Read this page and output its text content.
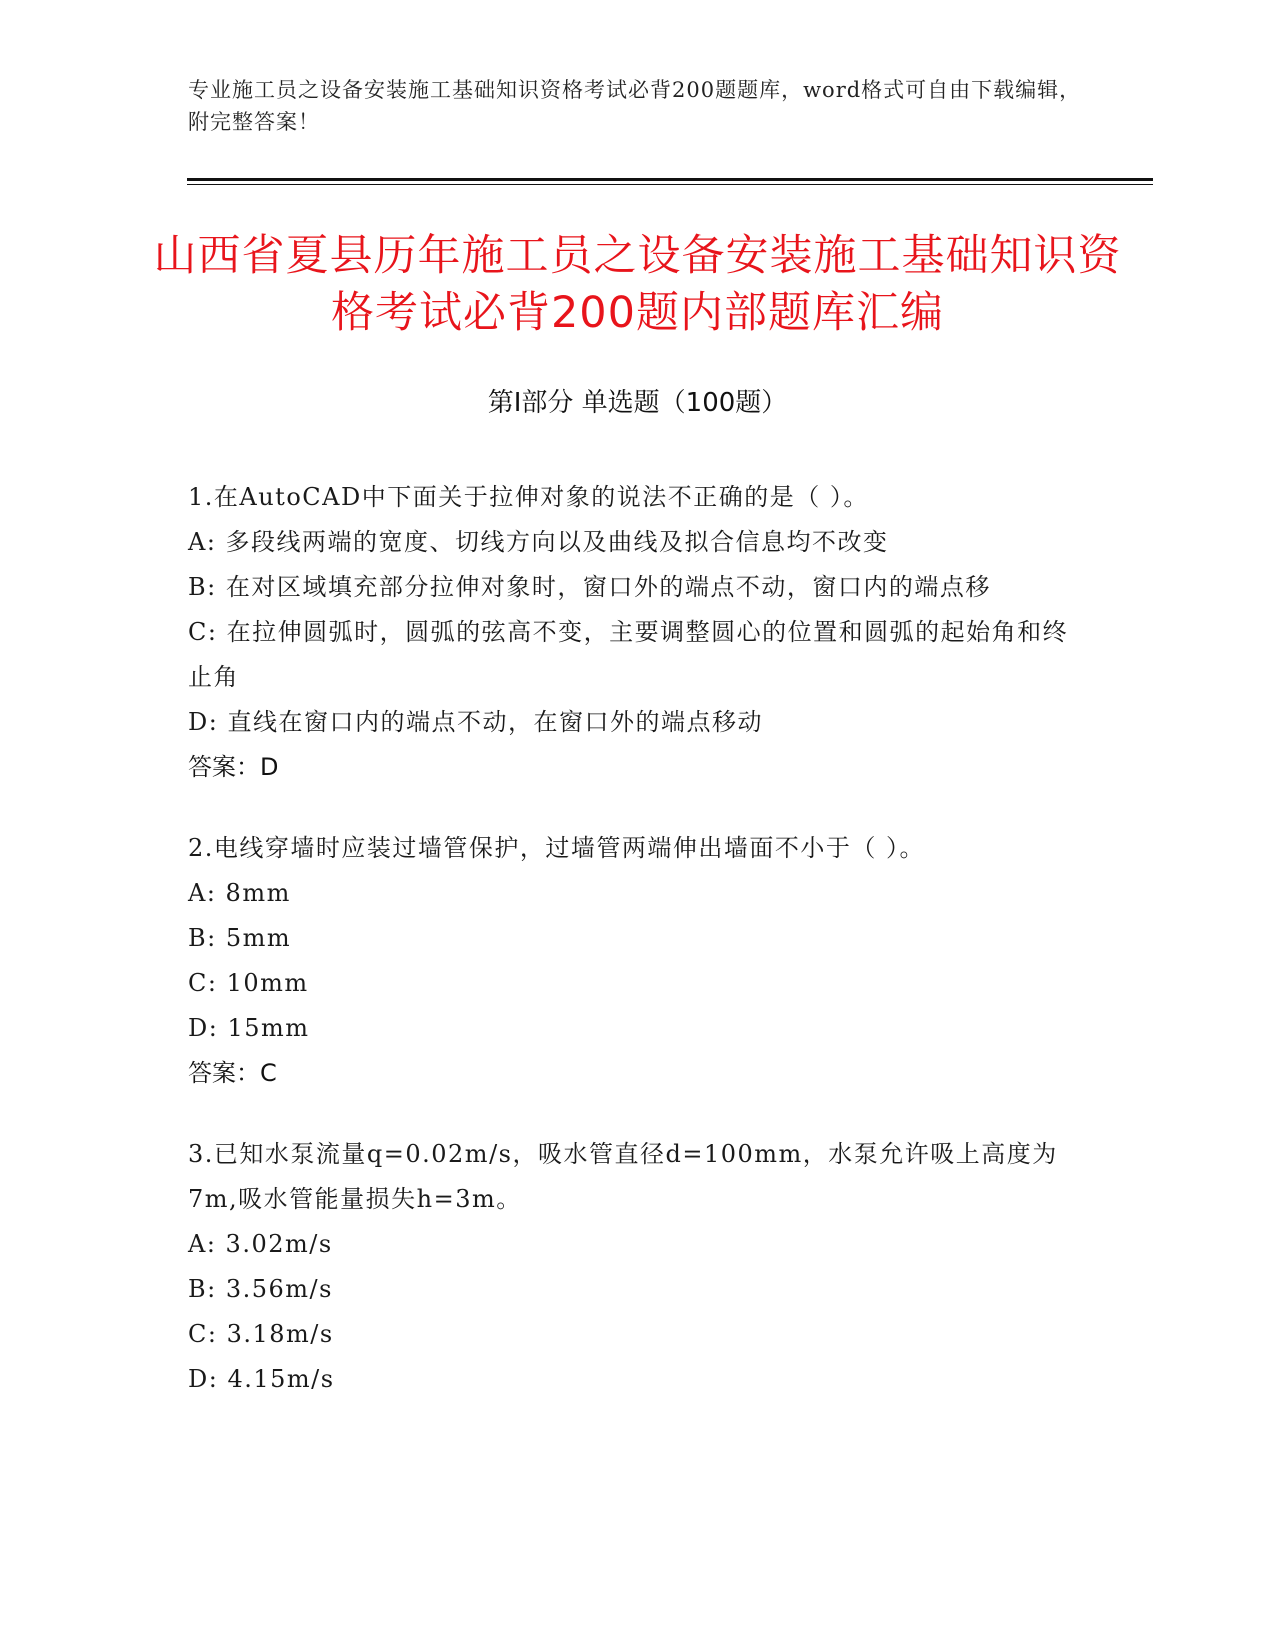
专业施工员之设备安装施工基础知识资格考试必背200题题库，word格式可自由下载编辑，附完整答案！
山西省夏县历年施工员之设备安装施工基础知识资格考试必背200题内部题库汇编
第Ⅰ部分 单选题（100题）
1.在AutoCAD中下面关于拉伸对象的说法不正确的是（ ）。
A: 多段线两端的宽度、切线方向以及曲线及拟合信息均不改变
B: 在对区域填充部分拉伸对象时，窗口外的端点不动，窗口内的端点移
C: 在拉伸圆弧时，圆弧的弦高不变，主要调整圆心的位置和圆弧的起始角和终止角
D: 直线在窗口内的端点不动，在窗口外的端点移动
答案：D
2.电线穿墙时应装过墙管保护，过墙管两端伸出墙面不小于（ ）。
A: 8mm
B: 5mm
C: 10mm
D: 15mm
答案：C
3.已知水泵流量q=0.02m/s，吸水管直径d=100mm，水泵允许吸上高度为7m,吸水管能量损失h=3m。
A: 3.02m/s
B: 3.56m/s
C: 3.18m/s
D: 4.15m/s
